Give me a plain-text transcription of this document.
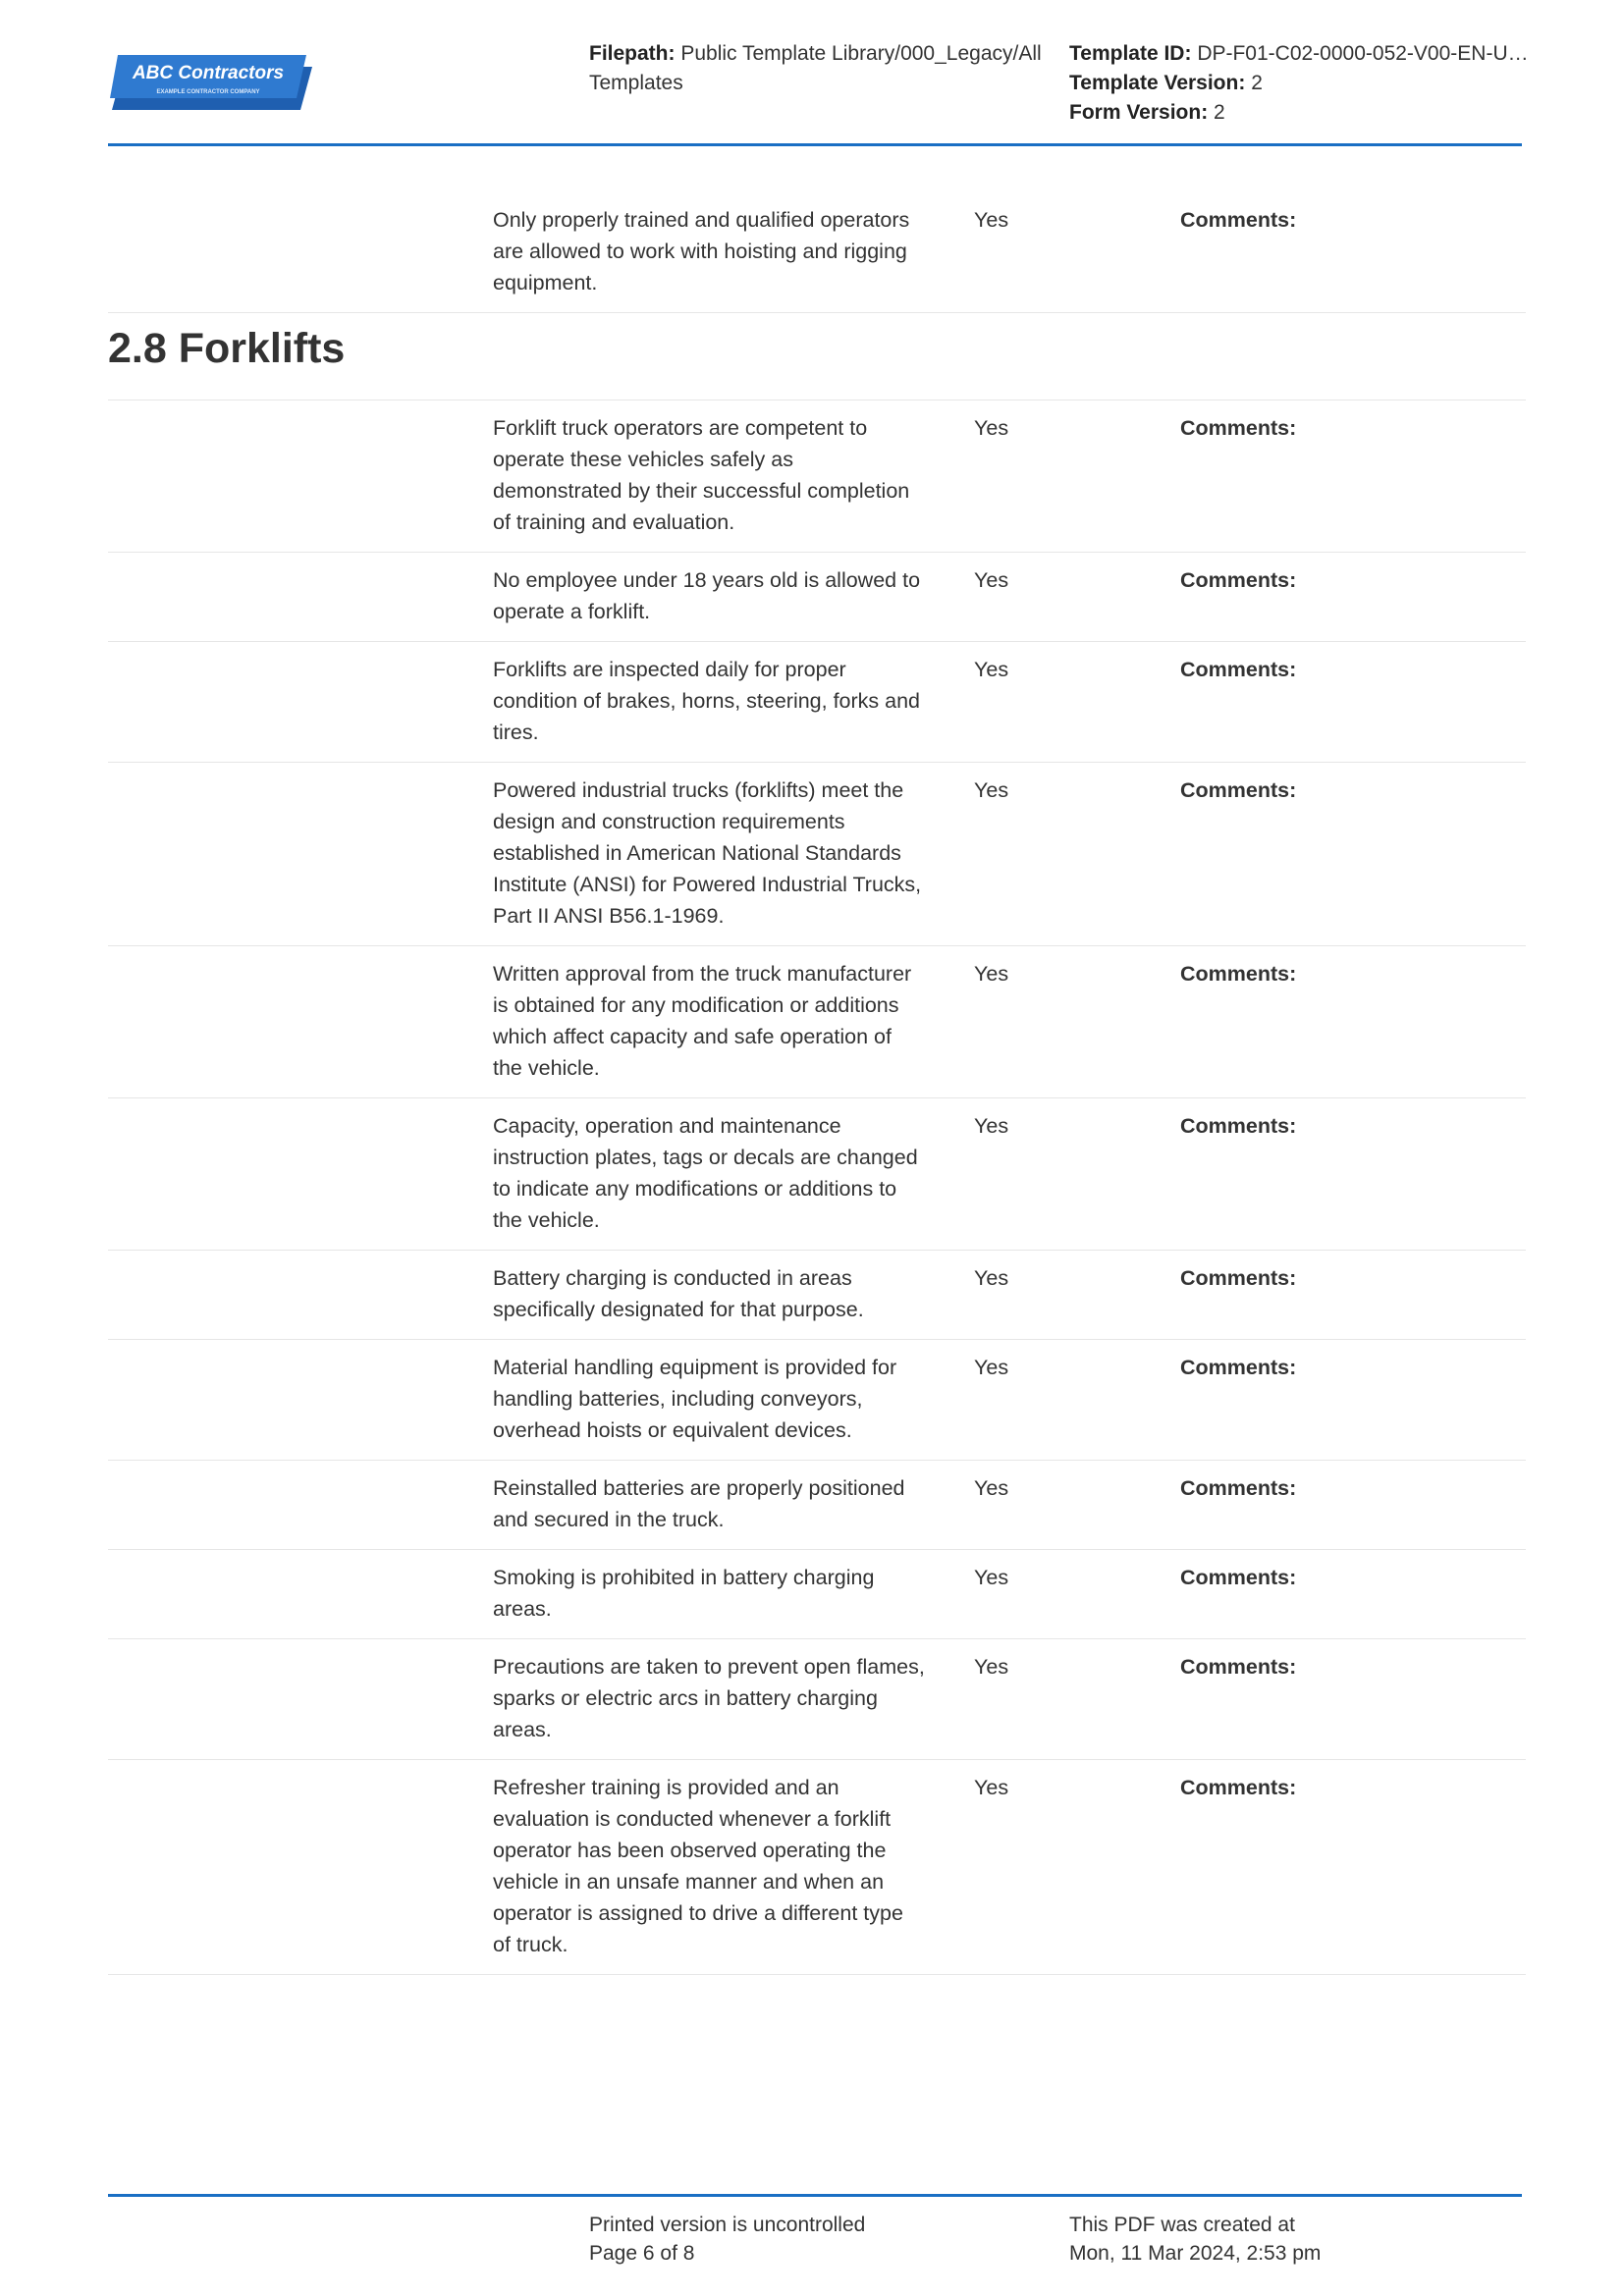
ABC Contractors
EXAMPLE CONTRACTOR COMPANY
Filepath: Public Template Library/000_Legacy/All Templates
Template ID: DP-F01-C02-0000-052-V00-EN-U…
Template Version: 2
Form Version: 2
Only properly trained and qualified operators are allowed to work with hoisting and rigging equipment.
Yes	Comments:
2.8 Forklifts
Forklift truck operators are competent to operate these vehicles safely as demonstrated by their successful completion of training and evaluation.
Yes	Comments:
No employee under 18 years old is allowed to operate a forklift.
Yes	Comments:
Forklifts are inspected daily for proper condition of brakes, horns, steering, forks and tires.
Yes	Comments:
Powered industrial trucks (forklifts) meet the design and construction requirements established in American National Standards Institute (ANSI) for Powered Industrial Trucks, Part II ANSI B56.1-1969.
Yes	Comments:
Written approval from the truck manufacturer is obtained for any modification or additions which affect capacity and safe operation of the vehicle.
Yes	Comments:
Capacity, operation and maintenance instruction plates, tags or decals are changed to indicate any modifications or additions to the vehicle.
Yes	Comments:
Battery charging is conducted in areas specifically designated for that purpose.
Yes	Comments:
Material handling equipment is provided for handling batteries, including conveyors, overhead hoists or equivalent devices.
Yes	Comments:
Reinstalled batteries are properly positioned and secured in the truck.
Yes	Comments:
Smoking is prohibited in battery charging areas.
Yes	Comments:
Precautions are taken to prevent open flames, sparks or electric arcs in battery charging areas.
Yes	Comments:
Refresher training is provided and an evaluation is conducted whenever a forklift operator has been observed operating the vehicle in an unsafe manner and when an operator is assigned to drive a different type of truck.
Yes	Comments:
Printed version is uncontrolled
Page 6 of 8
This PDF was created at
Mon, 11 Mar 2024, 2:53 pm
